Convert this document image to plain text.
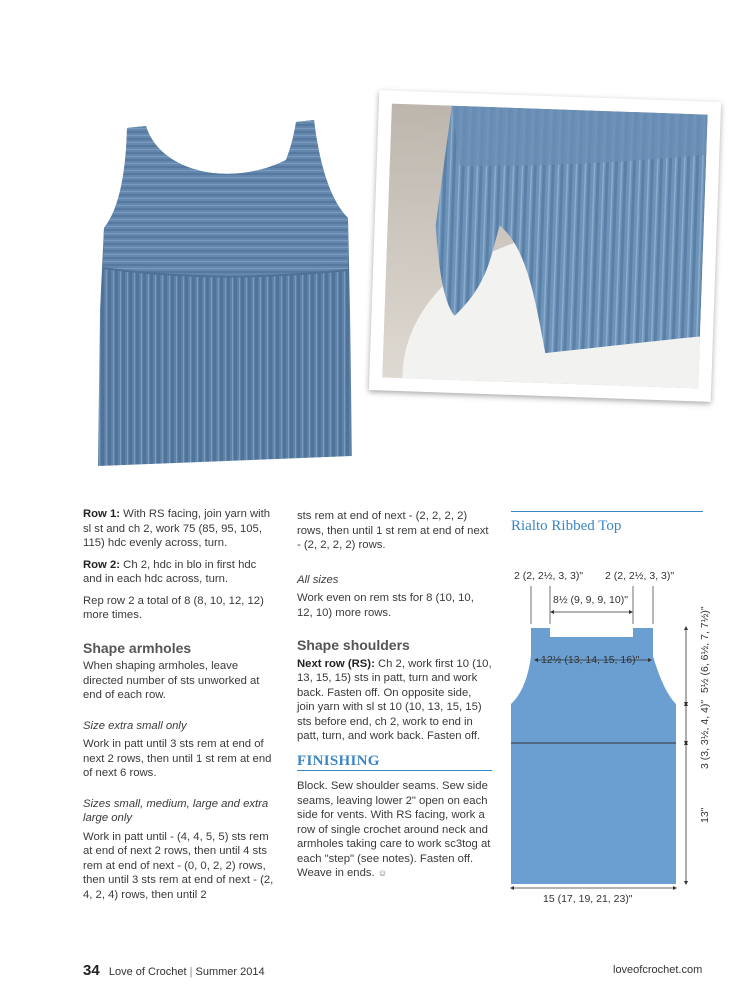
Row 1: With RS facing, join yarn with sl st and ch 2, work 75 (85, 95, 105, 115) hdc evenly across, turn.

Row 2: Ch 2, hdc in blo in first hdc and in each hdc across, turn.

Rep row 2 a total of 8 (8, 10, 12, 12) more times.

Shape armholes

When shaping armholes, leave directed number of sts unworked at end of each row.

Size extra small only

Work in patt until 3 sts rem at end of next 2 rows, then until 1 st rem at end of next 6 rows.

Sizes small, medium, large and extra large only

Work in patt until - (4, 4, 5, 5) sts rem at end of next 2 rows, then until 4 sts rem at end of next - (0, 0, 2, 2) rows, then until 3 sts rem at end of next - (2, 4, 2, 4) rows, then until 2

sts rem at end of next - (2, 2, 2, 2) rows, then until 1 st rem at end of next - (2, 2, 2, 2) rows.

All sizes

Work even on rem sts for 8 (10, 10, 12, 10) more rows.

Shape shoulders

Next row (RS): Ch 2, work first 10 (10, 13, 15, 15) sts in patt, turn and work back. Fasten off. On opposite side, join yarn with sl st 10 (10, 13, 15, 15) sts before end, ch 2, work to end in patt, turn, and work back. Fasten off.

FINISHING

Block. Sew shoulder seams. Sew side seams, leaving lower 2" open on each side for vents. With RS facing, work a row of single crochet around neck and armholes taking care to work sc3tog at each "step" (see notes). Fasten off. Weave in ends. ☺

Rialto Ribbed Top
2 (2, 2½, 3, 3)" 2 (2, 2½, 3, 3)"
8½ (9, 9, 9, 10)"
12½ (13, 14, 15, 16)"
15 (17, 19, 21, 23)"
5½ (6, 6½, 7, 7½)"
3 (3, 3½, 4, 4)"
13"
34 Love of Crochet | Summer 2014	loveofcrochet.com
